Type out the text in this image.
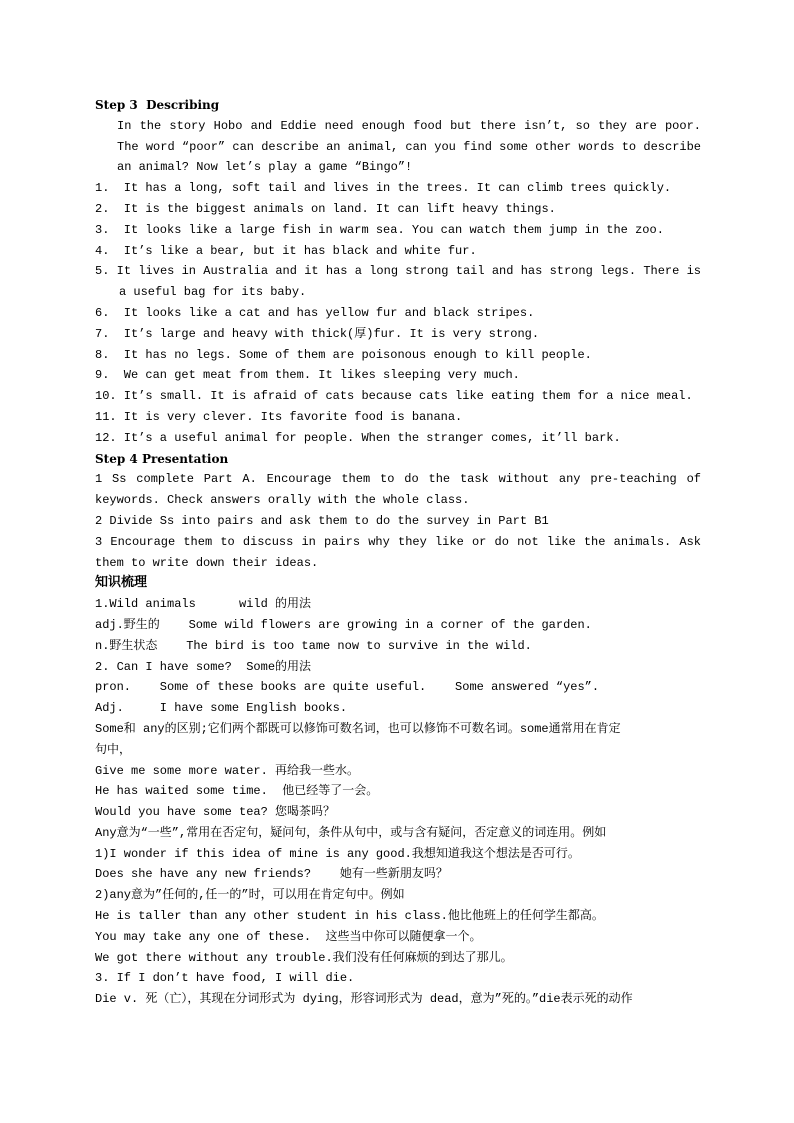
Step 3  Describing
In the story Hobo and Eddie need enough food but there isn’t, so they are poor. The word “poor” can describe an animal, can you find some other words to describe an animal? Now let’s play a game “Bingo”!
1.  It has a long, soft tail and lives in the trees. It can climb trees quickly.
2.  It is the biggest animals on land. It can lift heavy things.
3.  It looks like a large fish in warm sea. You can watch them jump in the zoo.
4.  It’s like a bear, but it has black and white fur.
5. It lives in Australia and it has a long strong tail and has strong legs. There is a useful bag for its baby.
6.  It looks like a cat and has yellow fur and black stripes.
7.  It’s large and heavy with thick(厚)fur. It is very strong.
8.  It has no legs. Some of them are poisonous enough to kill people.
9.  We can get meat from them. It likes sleeping very much.
10. It’s small. It is afraid of cats because cats like eating them for a nice meal.
11. It is very clever. Its favorite food is banana.
12. It’s a useful animal for people. When the stranger comes, it’ll bark.
Step 4 Presentation
1 Ss complete Part A. Encourage them to do the task without any pre-teaching of keywords. Check answers orally with the whole class.
2 Divide Ss into pairs and ask them to do the survey in Part B1
3 Encourage them to discuss in pairs why they like or do not like the animals. Ask them to write down their ideas.
知识梳理
1.Wild animals      wild 的用法
adj.野生的    Some wild flowers are growing in a corner of the garden.
n.野生状态    The bird is too tame now to survive in the wild.
2. Can I have some?  Some的用法
pron.    Some of these books are quite useful.    Some answered “yes”.
Adj.     I have some English books.
Some和 any的区别;它们两个都既可以修饰可数名词，也可以修饰不可数名词。some通常用在肯定
句中，
Give me some more water. 再给我一些水。
He has waited some time.  他已经等了一会。
Would you have some tea? 您喝茶吗？
Any意为“一些”,常用在否定句，疑问句，条件从句中，或与含有疑问，否定意义的词连用。例如
1)I wonder if this idea of mine is any good.我想知道我这个想法是否可行。
Does she have any new friends?    她有一些新朋友吗？
2)any意为”任何的,任一的”时，可以用在肯定句中。例如
He is taller than any other student in his class.他比他班上的任何学生都高。
You may take any one of these.  这些当中你可以随便拿一个。
We got there without any trouble.我们没有任何麻烦的到达了那儿。
3. If I don’t have food, I will die.
Die v. 死（亡），其现在分词形式为 dying，形容词形式为 dead，意为”死的。”die表示死的动作
